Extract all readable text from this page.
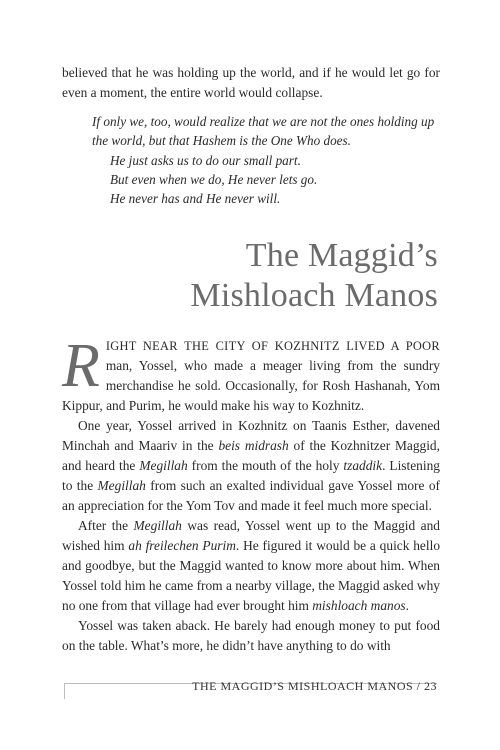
believed that he was holding up the world, and if he would let go for even a moment, the entire world would collapse.

If only we, too, would realize that we are not the ones holding up the world, but that Hashem is the One Who does.

He just asks us to do our small part.

But even when we do, He never lets go.

He never has and He never will.

The Maggid’s
Mishloach Manos

RIGHT NEAR THE CITY OF KOZHNITZ LIVED A POOR man, Yossel, who made a meager living from the sundry merchandise he sold. Occasionally, for Rosh Hashanah, Yom Kippur, and Purim, he would make his way to Kozhnitz.

One year, Yossel arrived in Kozhnitz on Taanis Esther, davened Minchah and Maariv in the beis midrash of the Kozhnitzer Maggid, and heard the Megillah from the mouth of the holy tzaddik. Listening to the Megillah from such an exalted individual gave Yossel more of an appreciation for the Yom Tov and made it feel much more special.

After the Megillah was read, Yossel went up to the Maggid and wished him ah freilechen Purim. He figured it would be a quick hello and goodbye, but the Maggid wanted to know more about him. When Yossel told him he came from a nearby village, the Maggid asked why no one from that village had ever brought him mishloach manos.

Yossel was taken aback. He barely had enough money to put food on the table. What’s more, he didn’t have anything to do with

THE MAGGID’S MISHLOACH MANOS / 23
